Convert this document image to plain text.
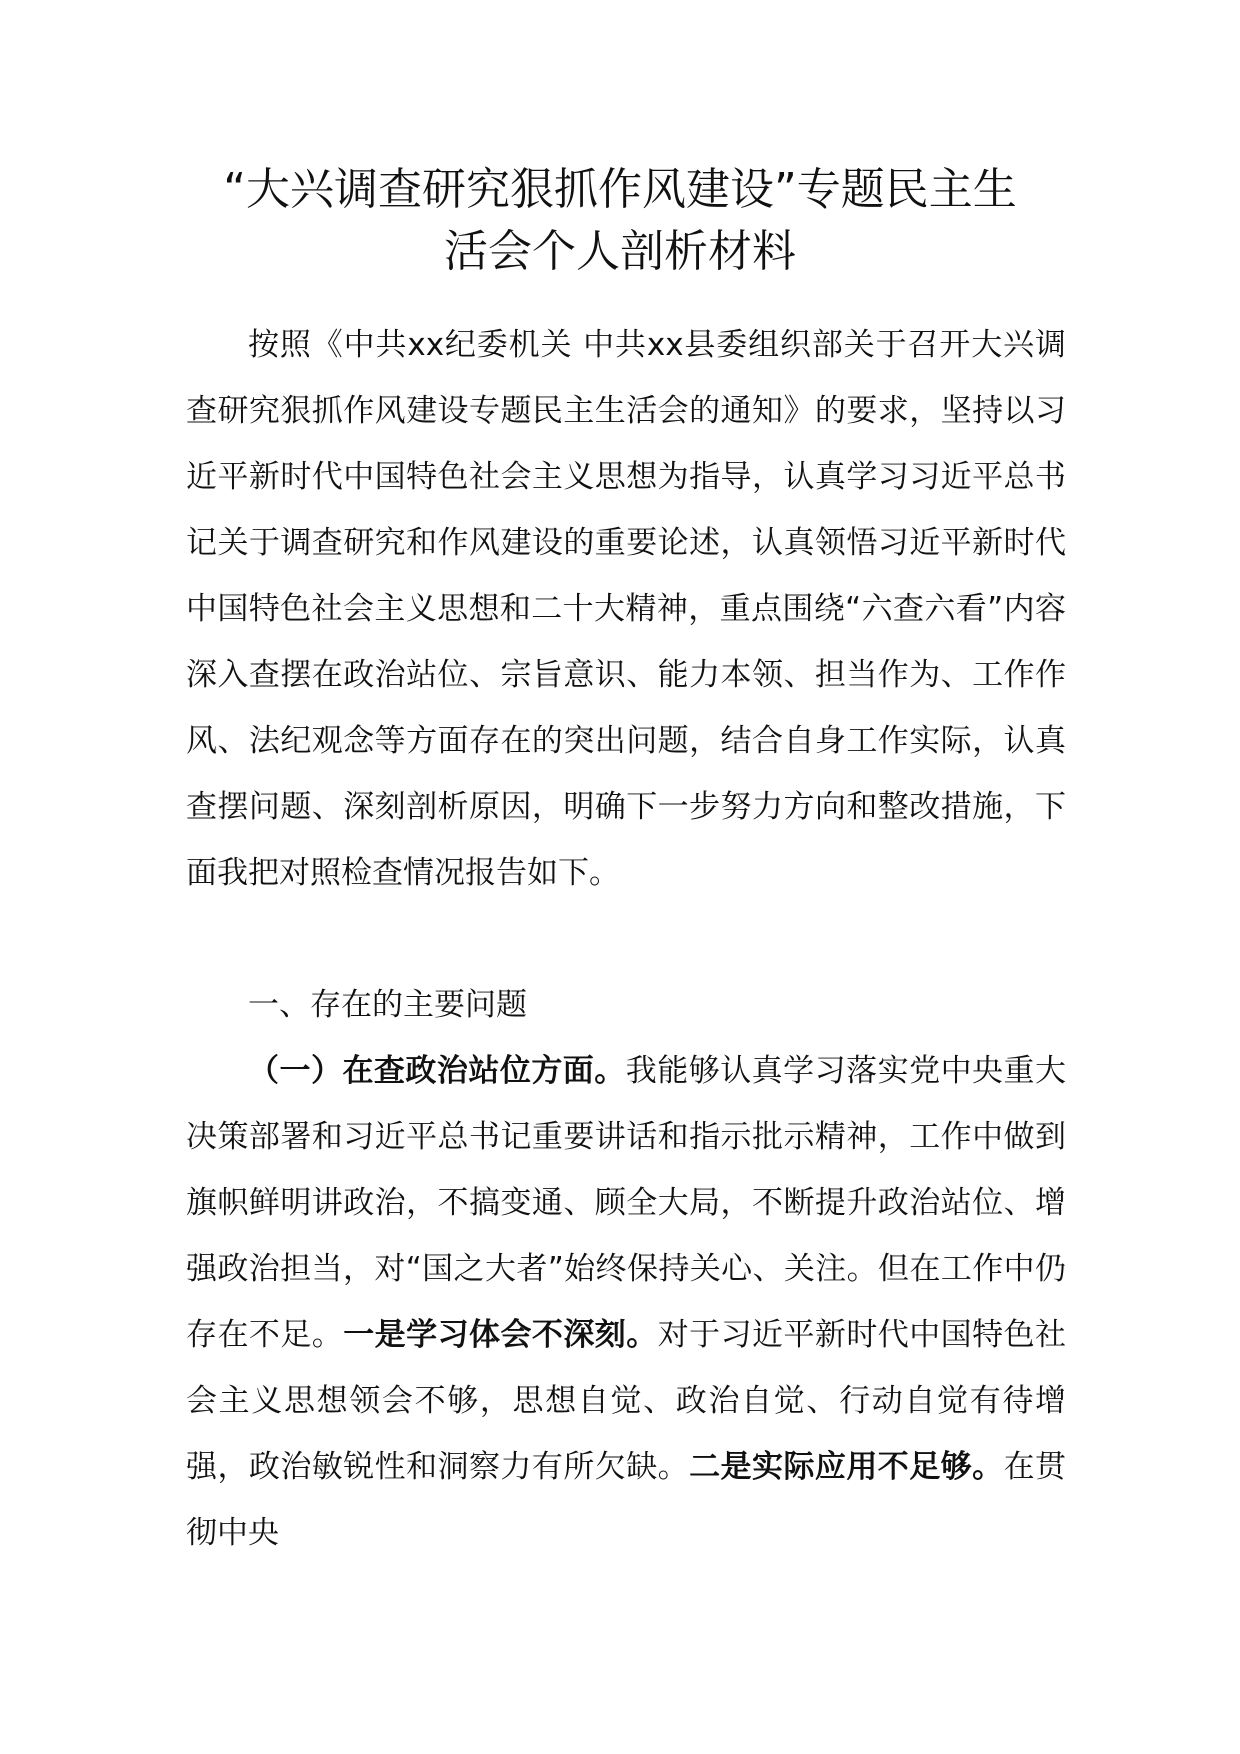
“大兴调查研究狠抓作风建设”专题民主生
活会个人剖析材料

按照《中共xx纪委机关 中共xx县委组织部关于召开大兴调查研究狠抓作风建设专题民主生活会的通知》的要求，坚持以习近平新时代中国特色社会主义思想为指导，认真学习习近平总书记关于调查研究和作风建设的重要论述，认真领悟习近平新时代中国特色社会主义思想和二十大精神，重点围绕“六查六看”内容深入查摆在政治站位、宗旨意识、能力本领、担当作为、工作作风、法纪观念等方面存在的突出问题，结合自身工作实际，认真查摆问题、深刻剖析原因，明确下一步努力方向和整改措施，下面我把对照检查情况报告如下。

一、存在的主要问题

（一）在查政治站位方面。我能够认真学习落实党中央重大决策部署和习近平总书记重要讲话和指示批示精神，工作中做到旗帜鲜明讲政治，不搞变通、顾全大局，不断提升政治站位、增强政治担当，对“国之大者”始终保持关心、关注。但在工作中仍存在不足。一是学习体会不深刻。对于习近平新时代中国特色社会主义思想领会不够，思想自觉、政治自觉、行动自觉有待增强，政治敏锐性和洞察力有所欠缺。二是实际应用不足够。在贯彻中央
